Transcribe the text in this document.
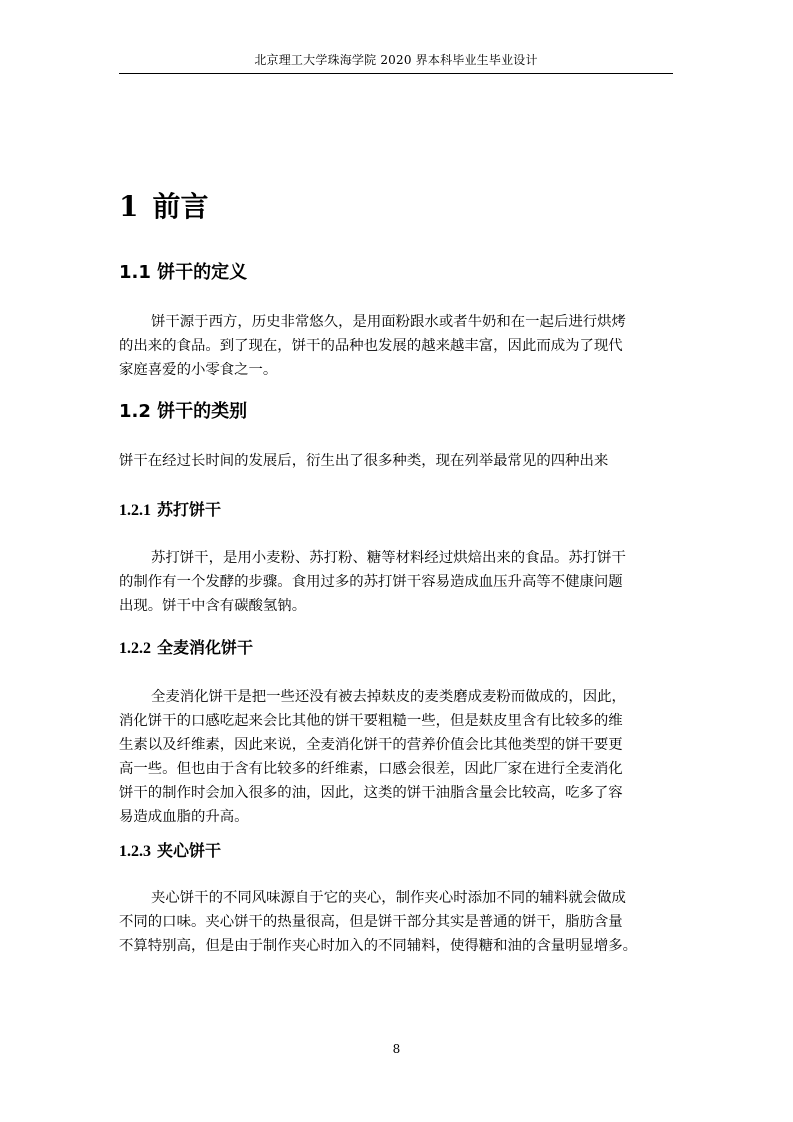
北京理工大学珠海学院 2020 界本科毕业生毕业设计
1 前言
1.1 饼干的定义
饼干源于西方，历史非常悠久，是用面粉跟水或者牛奶和在一起后进行烘烤
的出来的食品。到了现在，饼干的品种也发展的越来越丰富，因此而成为了现代
家庭喜爱的小零食之一。
1.2 饼干的类别
饼干在经过长时间的发展后，衍生出了很多种类，现在列举最常见的四种出来
1.2.1 苏打饼干
苏打饼干，是用小麦粉、苏打粉、糖等材料经过烘焙出来的食品。苏打饼干
的制作有一个发酵的步骤。食用过多的苏打饼干容易造成血压升高等不健康问题
出现。饼干中含有碳酸氢钠。
1.2.2 全麦消化饼干
全麦消化饼干是把一些还没有被去掉麸皮的麦类磨成麦粉而做成的，因此，
消化饼干的口感吃起来会比其他的饼干要粗糙一些，但是麸皮里含有比较多的维
生素以及纤维素，因此来说，全麦消化饼干的营养价值会比其他类型的饼干要更
高一些。但也由于含有比较多的纤维素，口感会很差，因此厂家在进行全麦消化
饼干的制作时会加入很多的油，因此，这类的饼干油脂含量会比较高，吃多了容
易造成血脂的升高。
1.2.3 夹心饼干
夹心饼干的不同风味源自于它的夹心，制作夹心时添加不同的辅料就会做成
不同的口味。夹心饼干的热量很高，但是饼干部分其实是普通的饼干，脂肪含量
不算特别高，但是由于制作夹心时加入的不同辅料，使得糖和油的含量明显增多。
8
